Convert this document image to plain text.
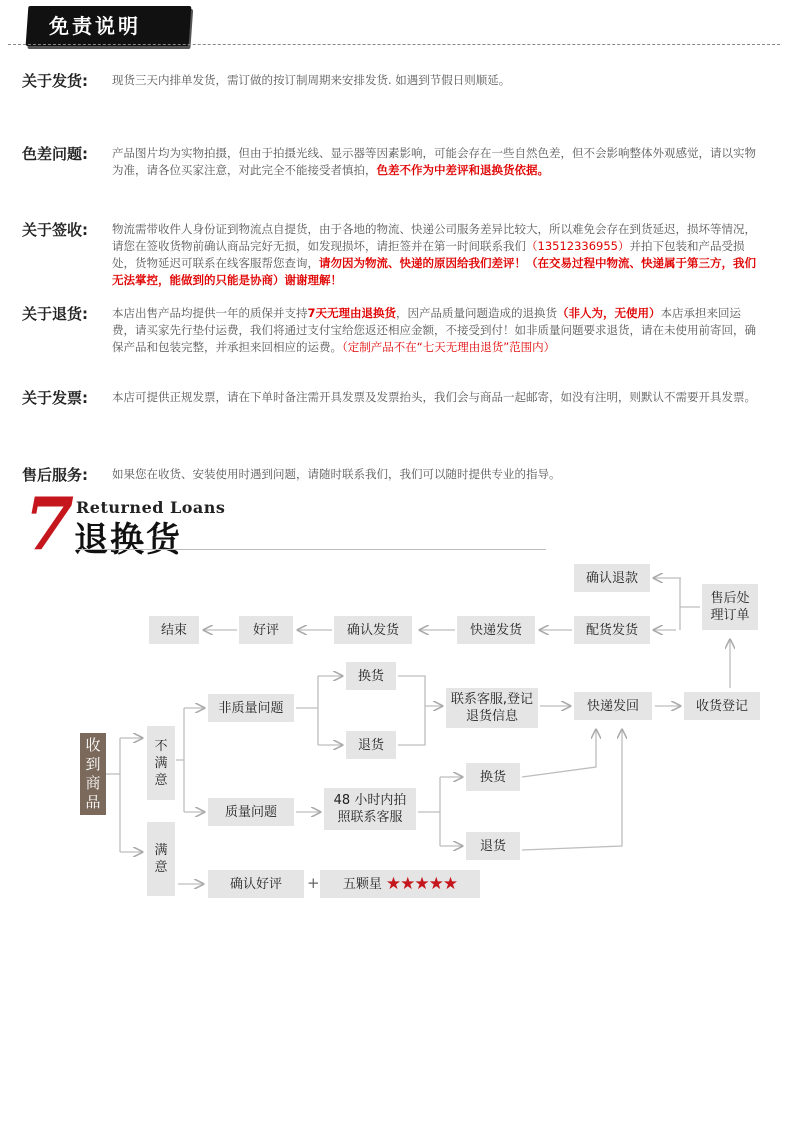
免责说明
关于发货:	现货三天内排单发货，需订做的按订制周期来安排发货. 如遇到节假日则顺延。
色差问题:	产品图片均为实物拍摄，但由于拍摄光线、显示器等因素影响，可能会存在一些自然色差，但不会影响整体外观感觉，请以实物为准，请各位买家注意，对此完全不能接受者慎拍，色差不作为中差评和退换货依据。
关于签收:	物流需带收件人身份证到物流点自提货，由于各地的物流、快递公司服务差异比较大，所以难免会存在到货延迟，损坏等情况，请您在签收货物前确认商品完好无损，如发现损坏，请拒签并在第一时间联系我们（13512336955）并拍下包装和产品受损处，货物延迟可联系在线客服帮您查询，请勿因为物流、快递的原因给我们差评！（在交易过程中物流、快递属于第三方，我们无法掌控，能做到的只能是协商）谢谢理解！
关于退货:	本店出售产品均提供一年的质保并支持7天无理由退换货，因产品质量问题造成的退换货（非人为，无使用）本店承担来回运费，请买家先行垫付运费，我们将通过支付宝给您返还相应金额，不接受到付！如非质量问题要求退货，请在未使用前寄回，确保产品和包装完整，并承担来回相应的运费。（定制产品不在“七天无理由退货”范围内）
关于发票:	本店可提供正规发票，请在下单时备注需开具发票及发票抬头，我们会与商品一起邮寄，如没有注明，则默认不需要开具发票。
售后服务:	如果您在收货、安装使用时遇到问题，请随时联系我们，我们可以随时提供专业的指导。
7 Returned Loans
退换货
确认退款
售后处理订单
结束	好评	确认发货	快递发货	配货发货
换货
非质量问题
联系客服,登记退货信息
快递发回	收货登记
退货
收到商品
不满意	换货
质量问题
48 小时内拍照联系客服
退货
满意
确认好评	+ 五颗星 ★★★★★
